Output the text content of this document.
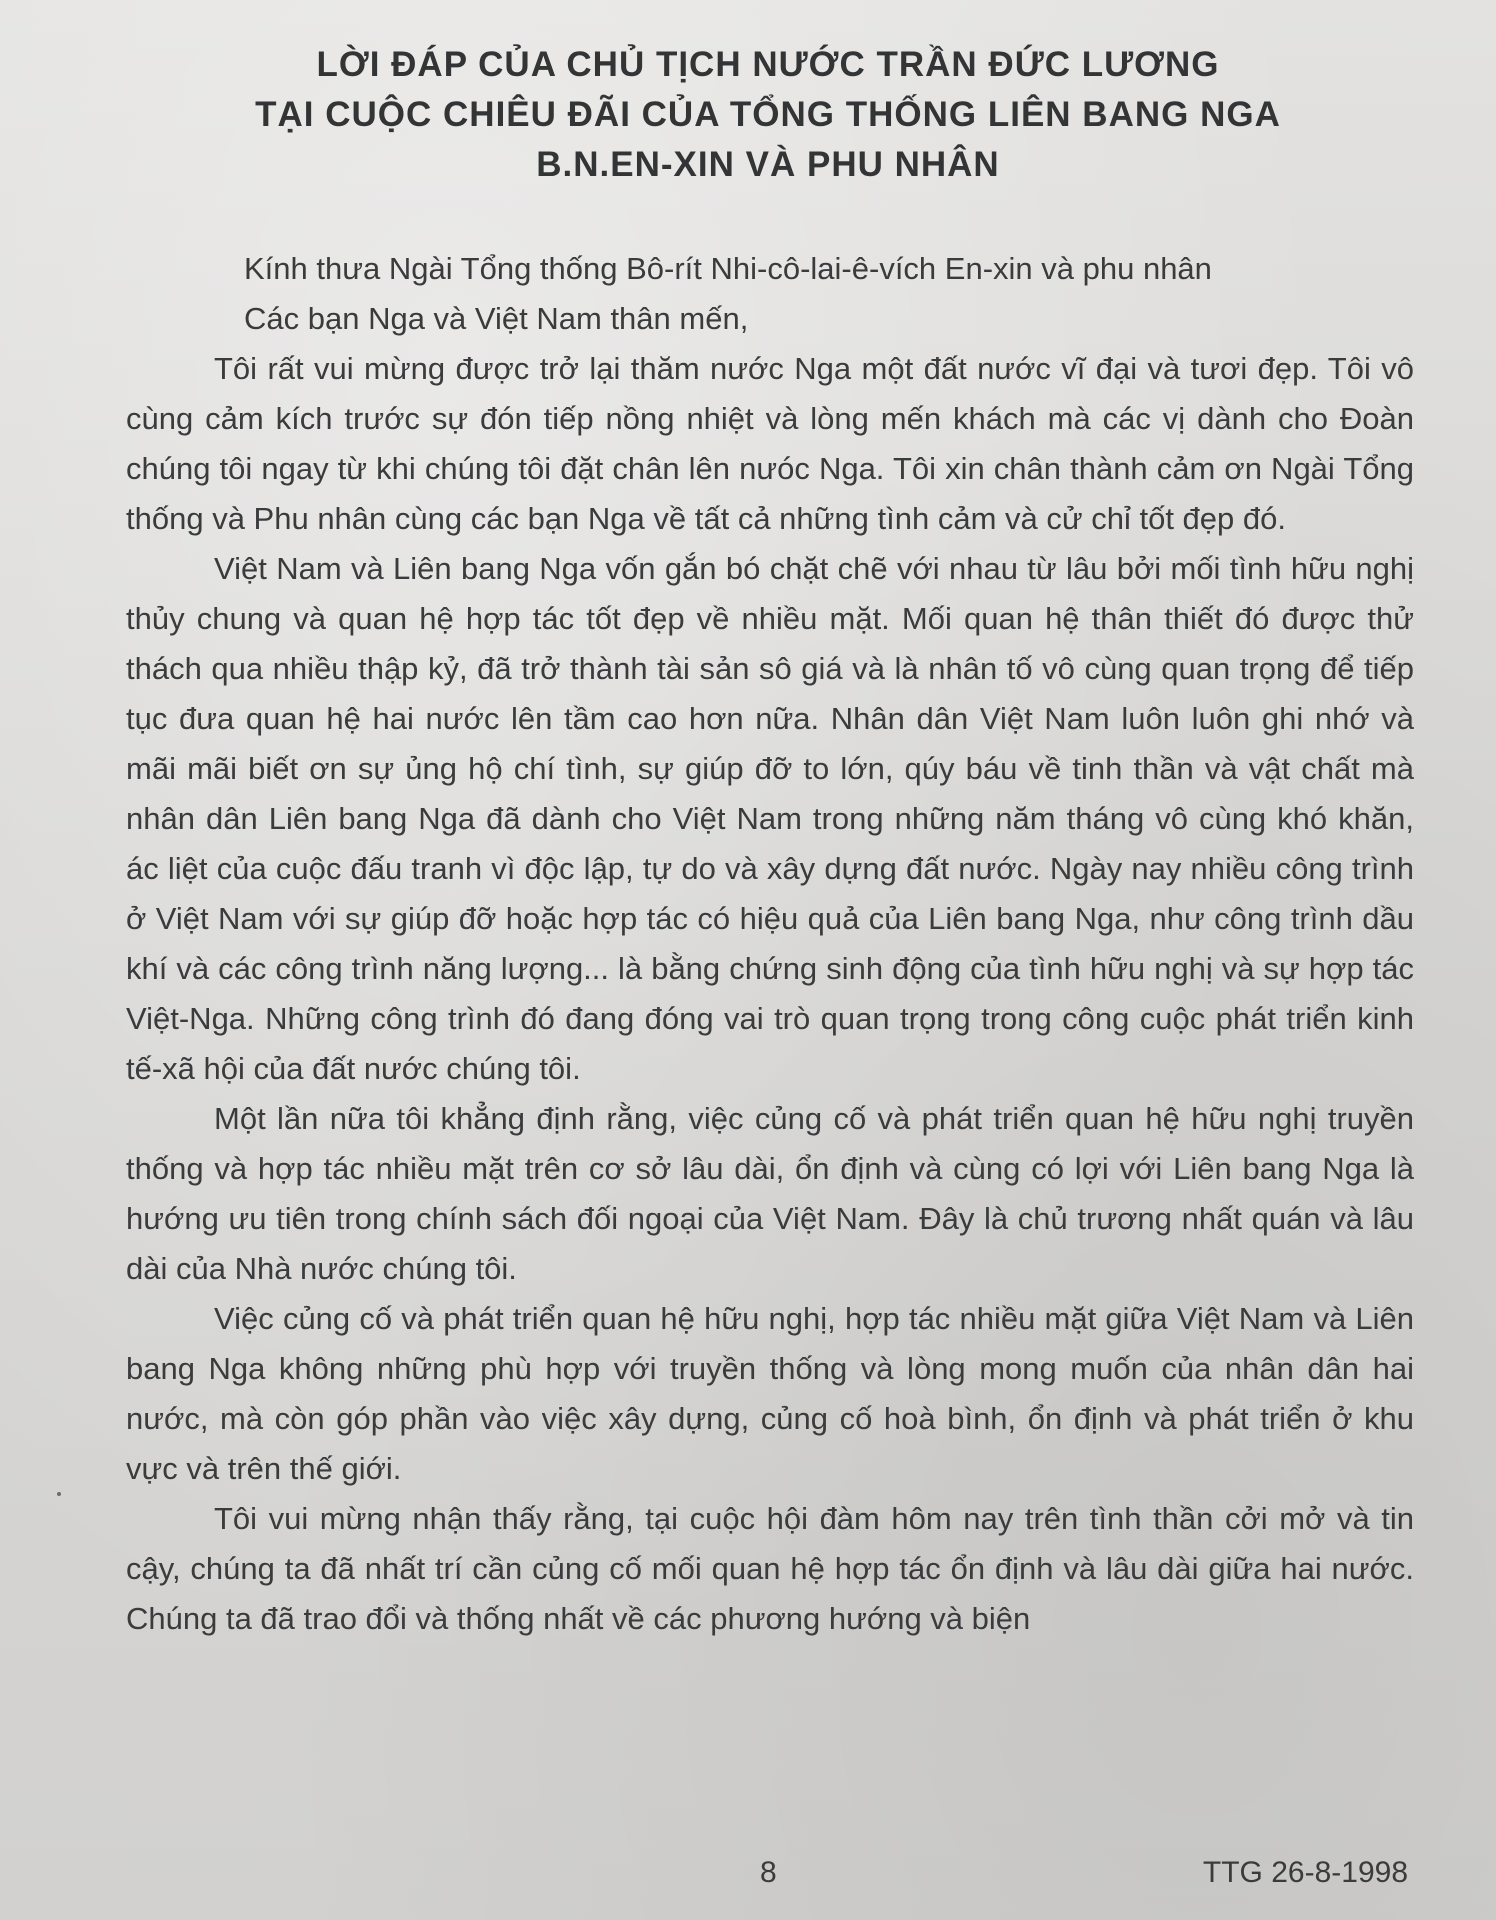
LỜI ĐÁP CỦA CHỦ TỊCH NƯỚC TRẦN ĐỨC LƯƠNG
TẠI CUỘC CHIÊU ĐÃI CỦA TỔNG THỐNG LIÊN BANG NGA
B.N.EN-XIN VÀ PHU NHÂN

Kính thưa Ngài Tổng thống Bô-rít Nhi-cô-lai-ê-vích En-xin và phu nhân

Các bạn Nga và Việt Nam thân mến,

Tôi rất vui mừng được trở lại thăm nước Nga một đất nước vĩ đại và tươi đẹp. Tôi vô cùng cảm kích trước sự đón tiếp nồng nhiệt và lòng mến khách mà các vị dành cho Đoàn chúng tôi ngay từ khi chúng tôi đặt chân lên nưóc Nga. Tôi xin chân thành cảm ơn Ngài Tổng thống và Phu nhân cùng các bạn Nga về tất cả những tình cảm và cử chỉ tốt đẹp đó.

Việt Nam và Liên bang Nga vốn gắn bó chặt chẽ với nhau từ lâu bởi mối tình hữu nghị thủy chung và quan hệ hợp tác tốt đẹp về nhiều mặt. Mối quan hệ thân thiết đó được thử thách qua nhiều thập kỷ, đã trở thành tài sản sô giá và là nhân tố vô cùng quan trọng để tiếp tục đưa quan hệ hai nước lên tầm cao hơn nữa. Nhân dân Việt Nam luôn luôn ghi nhớ và mãi mãi biết ơn sự ủng hộ chí tình, sự giúp đỡ to lớn, qúy báu về tinh thần và vật chất mà nhân dân Liên bang Nga đã dành cho Việt Nam trong những năm tháng vô cùng khó khăn, ác liệt của cuộc đấu tranh vì độc lập, tự do và xây dựng đất nước. Ngày nay nhiều công trình ở Việt Nam với sự giúp đỡ hoặc hợp tác có hiệu quả của Liên bang Nga, như công trình dầu khí và các công trình năng lượng... là bằng chứng sinh động của tình hữu nghị và sự hợp tác Việt-Nga. Những công trình đó đang đóng vai trò quan trọng trong công cuộc phát triển kinh tế-xã hội của đất nước chúng tôi.

Một lần nữa tôi khẳng định rằng, việc củng cố và phát triển quan hệ hữu nghị truyền thống và hợp tác nhiều mặt trên cơ sở lâu dài, ổn định và cùng có lợi với Liên bang Nga là hướng ưu tiên trong chính sách đối ngoại của Việt Nam. Đây là chủ trương nhất quán và lâu dài của Nhà nước chúng tôi.

Việc củng cố và phát triển quan hệ hữu nghị, hợp tác nhiều mặt giữa Việt Nam và Liên bang Nga không những phù hợp với truyền thống và lòng mong muốn của nhân dân hai nước, mà còn góp phần vào việc xây dựng, củng cố hoà bình, ổn định và phát triển ở khu vực và trên thế giới.

Tôi vui mừng nhận thấy rằng, tại cuộc hội đàm hôm nay trên tình thần cởi mở và tin cậy, chúng ta đã nhất trí cần củng cố mối quan hệ hợp tác ổn định và lâu dài giữa hai nước. Chúng ta đã trao đổi và thống nhất về các phương hướng và biện

8	TTG 26-8-1998
